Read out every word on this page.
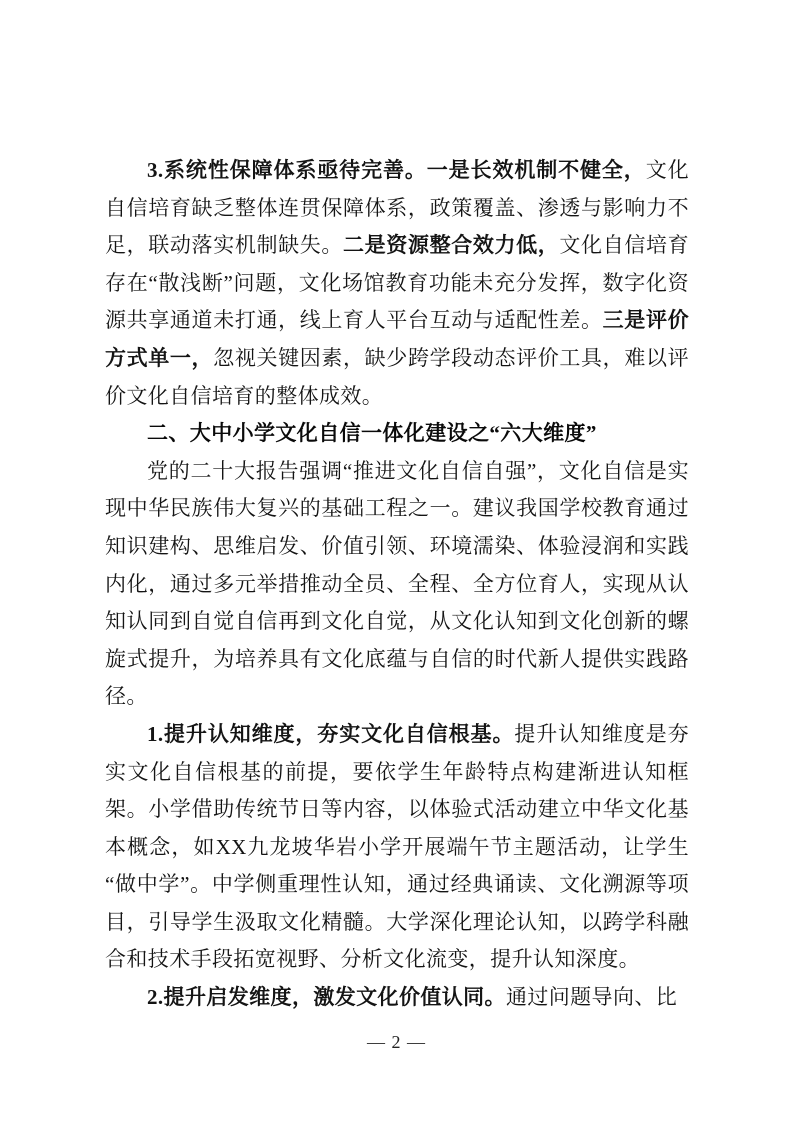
3.系统性保障体系亟待完善。一是长效机制不健全，文化自信培育缺乏整体连贯保障体系，政策覆盖、渗透与影响力不足，联动落实机制缺失。二是资源整合效力低，文化自信培育存在“散浅断”问题，文化场馆教育功能未充分发挥，数字化资源共享通道未打通，线上育人平台互动与适配性差。三是评价方式单一，忽视关键因素，缺少跨学段动态评价工具，难以评价文化自信培育的整体成效。

二、大中小学文化自信一体化建设之“六大维度”

党的二十大报告强调“推进文化自信自强”，文化自信是实现中华民族伟大复兴的基础工程之一。建议我国学校教育通过知识建构、思维启发、价值引领、环境濡染、体验浸润和实践内化，通过多元举措推动全员、全程、全方位育人，实现从认知认同到自觉自信再到文化自觉，从文化认知到文化创新的螺旋式提升，为培养具有文化底蕴与自信的时代新人提供实践路径。

1.提升认知维度，夯实文化自信根基。提升认知维度是夯实文化自信根基的前提，要依学生年龄特点构建渐进认知框架。小学借助传统节日等内容，以体验式活动建立中华文化基本概念，如XX九龙坡华岩小学开展端午节主题活动，让学生“做中学”。中学侧重理性认知，通过经典诵读、文化溯源等项目，引导学生汲取文化精髓。大学深化理论认知，以跨学科融合和技术手段拓宽视野、分析文化流变，提升认知深度。

2.提升启发维度，激发文化价值认同。通过问题导向、比

— 2 —
